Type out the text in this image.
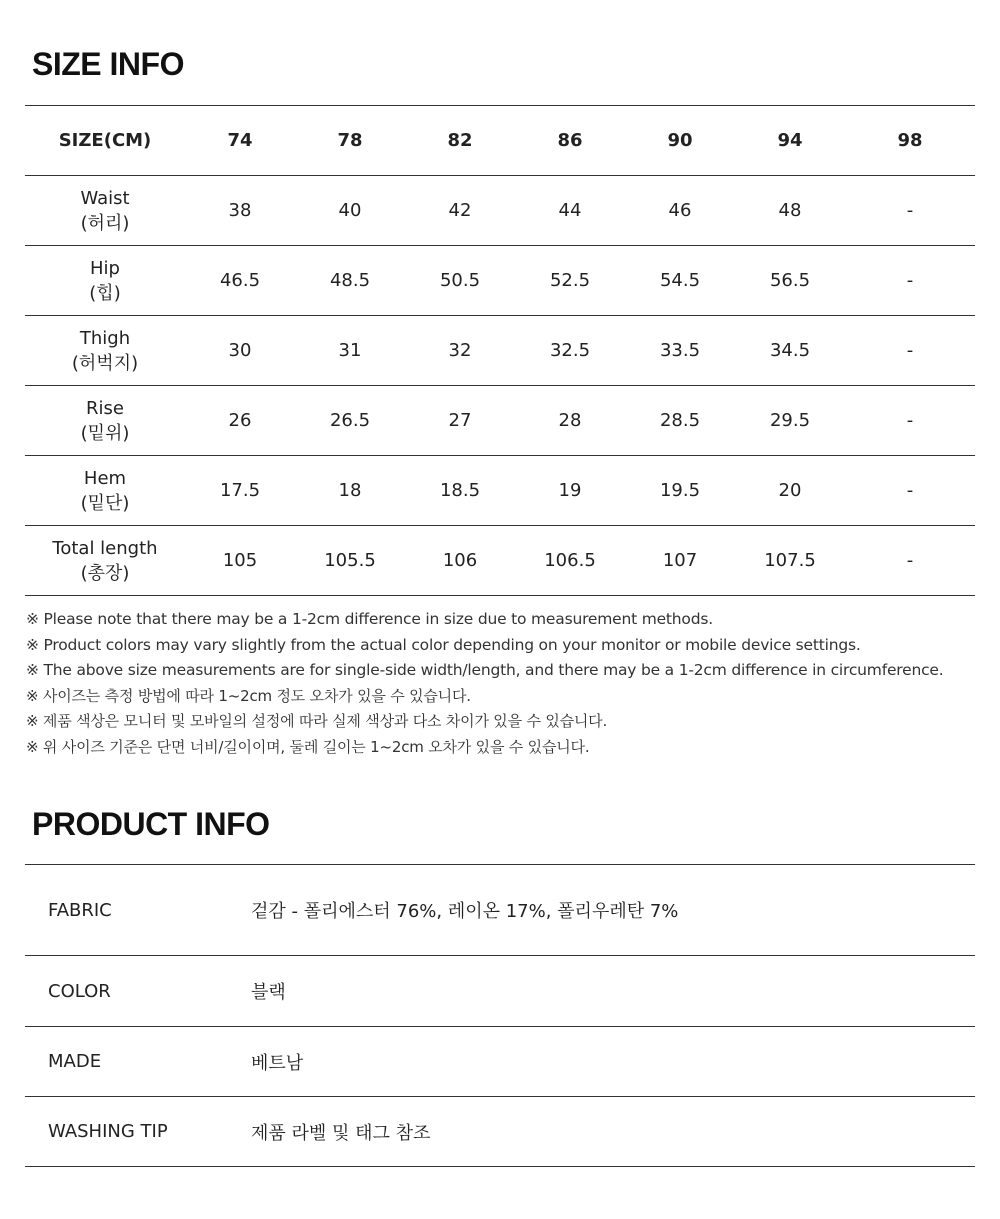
SIZE INFO
SIZE(CM)	74	78	82	86	90	94	98

Waist
(허리)	38	40	42	44	46	48	-

Hip
(힙)	46.5	48.5	50.5	52.5	54.5	56.5	-

Thigh
(허벅지)	30	31	32	32.5	33.5	34.5	-

Rise
(밑위)	26	26.5	27	28	28.5	29.5	-

Hem
(밑단)	17.5	18	18.5	19	19.5	20	-

Total length
(총장)	105	105.5	106	106.5	107	107.5	-
※ Please note that there may be a 1-2cm difference in size due to measurement methods.
※ Product colors may vary slightly from the actual color depending on your monitor or mobile device settings.
※ The above size measurements are for single-side width/length, and there may be a 1-2cm difference in circumference.
※ 사이즈는 측정 방법에 따라 1~2cm 정도 오차가 있을 수 있습니다.
※ 제품 색상은 모니터 및 모바일의 설정에 따라 실제 색상과 다소 차이가 있을 수 있습니다.
※ 위 사이즈 기준은 단면 너비/길이이며, 둘레 길이는 1~2cm 오차가 있을 수 있습니다.
PRODUCT INFO
FABRIC	겉감 - 폴리에스터 76%, 레이온 17%, 폴리우레탄 7%
COLOR	블랙
MADE	베트남
WASHING TIP	제품 라벨 및 태그 참조
